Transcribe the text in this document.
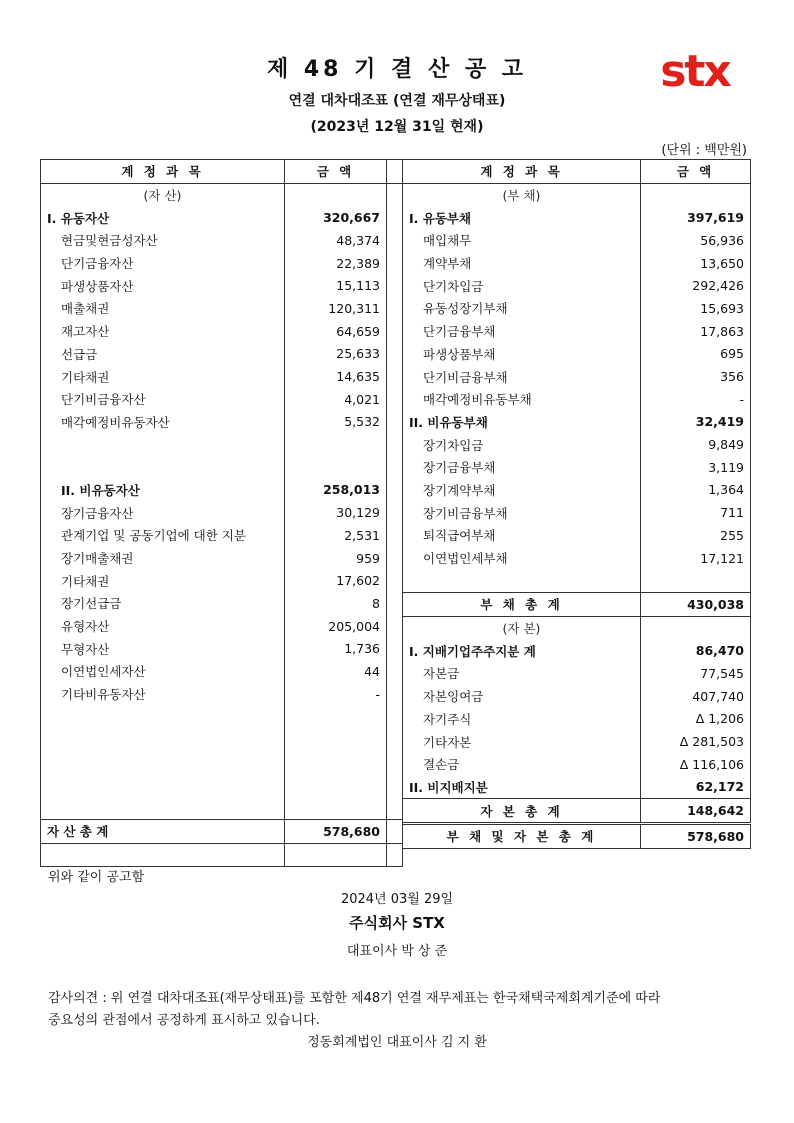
제 48 기 결 산 공 고
연결 대차대조표 (연결 재무상태표)
(2023년 12월 31일 현재)
stx
(단위 : 백만원)
계 정 과 목	금 액	
(자 산)		
I. 유동자산	320,667	
현금및현금성자산	48,374	
단기금융자산	22,389	
파생상품자산	15,113	
매출채권	120,311	
재고자산	64,659	
선급금	25,633	
기타채권	14,635	
단기비금융자산	4,021	
매각예정비유동자산	5,532	

II. 비유동자산	258,013	
장기금융자산	30,129	
관계기업 및 공동기업에 대한 지분	2,531	
장기매출채권	959	
기타채권	17,602	
장기선급금	8	
유형자산	205,004	
무형자산	1,736	
이연법인세자산	44	
기타비유동자산	-	

자 산 총 계	578,680	

계 정 과 목	금 액
(부 채)	
I. 유동부채	397,619
매입채무	56,936
계약부채	13,650
단기차입금	292,426
유동성장기부채	15,693
단기금융부채	17,863
파생상품부채	695
단기비금융부채	356
매각예정비유동부채	-
II. 비유동부채	32,419
장기차입금	9,849
장기금융부채	3,119
장기계약부채	1,364
장기비금융부채	711
퇴직급여부채	255
이연법인세부채	17,121

부 채 총 계	430,038
(자 본)	
I. 지배기업주주지분 계	86,470
자본금	77,545
자본잉여금	407,740
자기주식	Δ 1,206
기타자본	Δ 281,503
결손금	Δ 116,106
II. 비지배지분	62,172
자 본 총 계	148,642
부 채 및 자 본 총 계	578,680
위와 같이 공고함
2024년 03월 29일
주식회사 STX
대표이사 박 상 준
감사의견 : 위 연결 대차대조표(재무상태표)를 포함한 제48기 연결 재무제표는 한국채택국제회계기준에 따라
중요성의 관점에서 공정하게 표시하고 있습니다.
정동회계법인 대표이사 김 지 환
